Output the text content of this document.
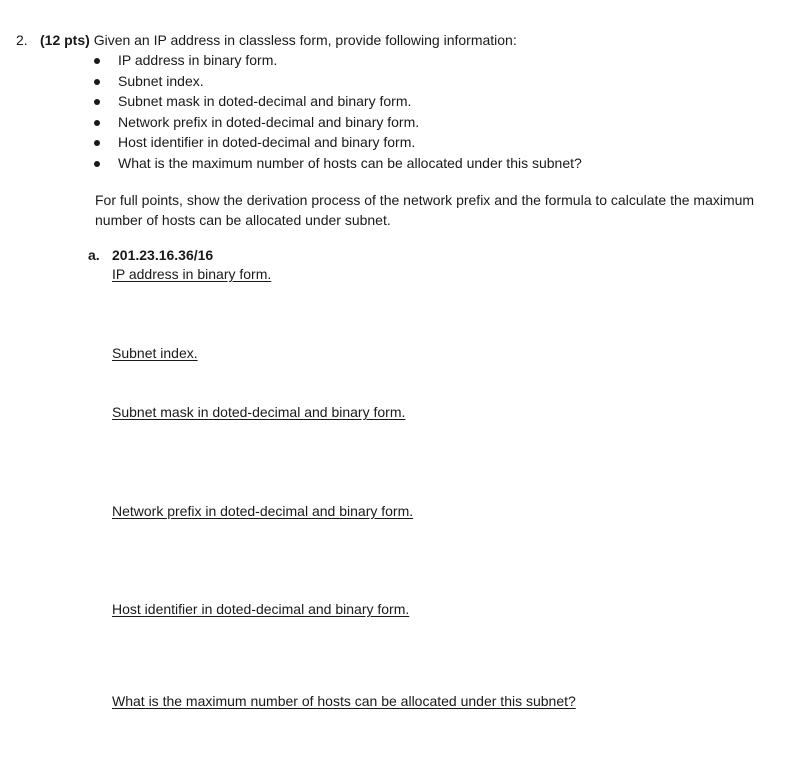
2. (12 pts) Given an IP address in classless form, provide following information:
IP address in binary form.
Subnet index.
Subnet mask in doted-decimal and binary form.
Network prefix in doted-decimal and binary form.
Host identifier in doted-decimal and binary form.
What is the maximum number of hosts can be allocated under this subnet?
For full points, show the derivation process of the network prefix and the formula to calculate the maximum number of hosts can be allocated under subnet.
a. 201.23.16.36/16
IP address in binary form.
Subnet index.
Subnet mask in doted-decimal and binary form.
Network prefix in doted-decimal and binary form.
Host identifier in doted-decimal and binary form.
What is the maximum number of hosts can be allocated under this subnet?
